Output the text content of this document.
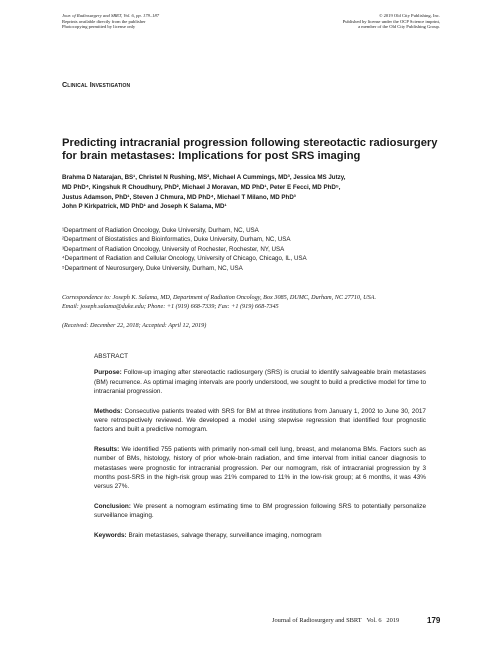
Jour. of Radiosurgery and SBRT, Vol. 6, pp. 179–187
Reprints available directly from the publisher
Photocopying permitted by license only
© 2019 Old City Publishing, Inc.
Published by license under the OCP Science imprint,
a member of the Old City Publishing Group.
Clinical Investigation
Predicting intracranial progression following stereotactic radiosurgery
for brain metastases: Implications for post SRS imaging
Brahma D Natarajan, BS¹, Christel N Rushing, MS², Michael A Cummings, MD³, Jessica MS Jutzy,
MD PhD⁴, Kingshuk R Choudhury, PhD², Michael J Moravan, MD PhD¹, Peter E Fecci, MD PhD⁵,
Justus Adamson, PhD¹, Steven J Chmura, MD PhD⁴, Michael T Milano, MD PhD³
John P Kirkpatrick, MD PhD¹ and Joseph K Salama, MD¹
¹Department of Radiation Oncology, Duke University, Durham, NC, USA
²Department of Biostatistics and Bioinformatics, Duke University, Durham, NC, USA
³Department of Radiation Oncology, University of Rochester, Rochester, NY, USA
⁴Department of Radiation and Cellular Oncology, University of Chicago, Chicago, IL, USA
⁵Department of Neurosurgery, Duke University, Durham, NC, USA
Correspondence to: Joseph K. Salama, MD, Department of Radiation Oncology, Box 3085, DUMC, Durham, NC 27710, USA.
Email: joseph.salama@duke.edu; Phone: +1 (919) 668-7339; Fax: +1 (919) 668-7345
(Received: December 22, 2018; Accepted: April 12, 2019)
ABSTRACT

Purpose: Follow-up imaging after stereotactic radiosurgery (SRS) is crucial to identify salvageable brain metastases (BM) recurrence. As optimal imaging intervals are poorly understood, we sought to build a predictive model for time to intracranial progression.

Methods: Consecutive patients treated with SRS for BM at three institutions from January 1, 2002 to June 30, 2017 were retrospectively reviewed. We developed a model using stepwise regression that identified four prognostic factors and built a predictive nomogram.

Results: We identified 755 patients with primarily non-small cell lung, breast, and melanoma BMs. Factors such as number of BMs, histology, history of prior whole-brain radiation, and time interval from initial cancer diagnosis to metastases were prognostic for intracranial progression. Per our nomogram, risk of intracranial progression by 3 months post-SRS in the high-risk group was 21% compared to 11% in the low-risk group; at 6 months, it was 43% versus 27%.

Conclusion: We present a nomogram estimating time to BM progression following SRS to potentially personalize surveillance imaging.

Keywords: Brain metastases, salvage therapy, surveillance imaging, nomogram

Journal of Radiosurgery and SBRT Vol. 6 2019	179
